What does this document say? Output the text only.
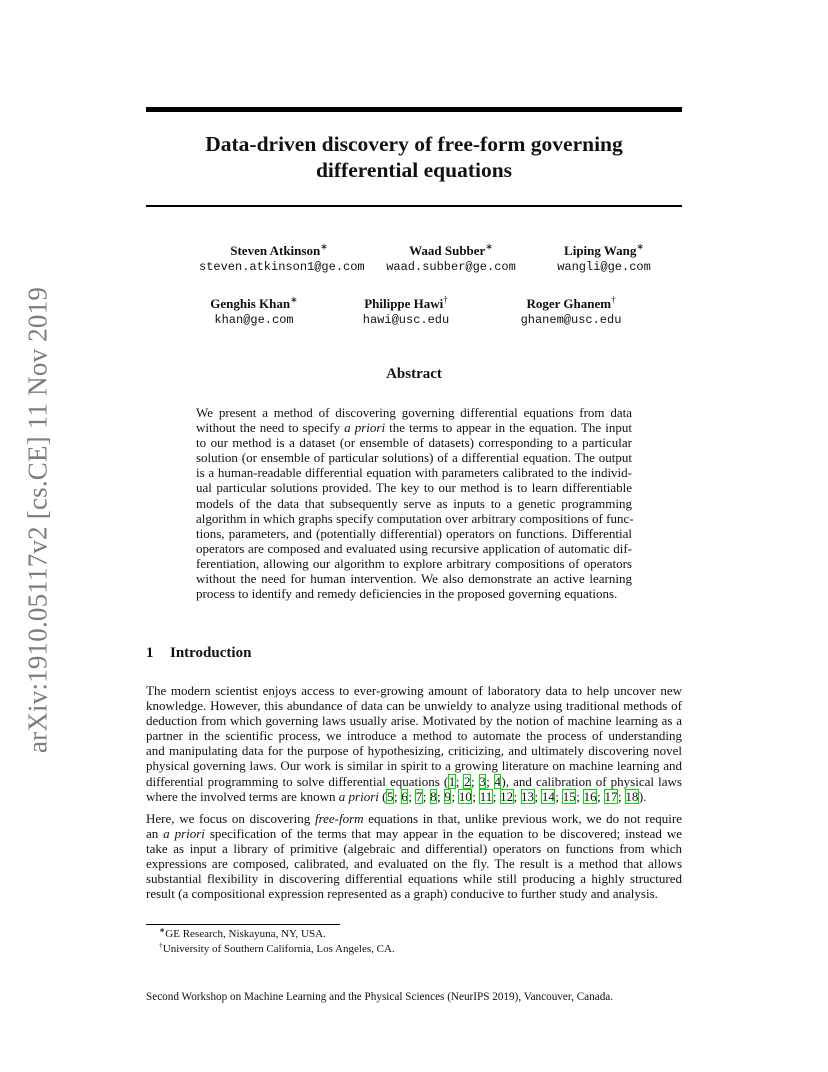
arXiv:1910.05117v2 [cs.CE] 11 Nov 2019
Data-driven discovery of free-form governing
differential equations
Steven Atkinson∗
steven.atkinson1@ge.com
Waad Subber∗
waad.subber@ge.com
Liping Wang∗
wangli@ge.com
Genghis Khan∗
khan@ge.com
Philippe Hawi†
hawi@usc.edu
Roger Ghanem†
ghanem@usc.edu
Abstract
We present a method of discovering governing differential equations from data
without the need to specify a priori the terms to appear in the equation. The input
to our method is a dataset (or ensemble of datasets) corresponding to a particular
solution (or ensemble of particular solutions) of a differential equation. The output
is a human-readable differential equation with parameters calibrated to the individ-
ual particular solutions provided. The key to our method is to learn differentiable
models of the data that subsequently serve as inputs to a genetic programming
algorithm in which graphs specify computation over arbitrary compositions of func-
tions, parameters, and (potentially differential) operators on functions. Differential
operators are composed and evaluated using recursive application of automatic dif-
ferentiation, allowing our algorithm to explore arbitrary compositions of operators
without the need for human intervention. We also demonstrate an active learning
process to identify and remedy deficiencies in the proposed governing equations.
1 Introduction
The modern scientist enjoys access to ever-growing amount of laboratory data to help uncover new
knowledge. However, this abundance of data can be unwieldy to analyze using traditional methods of
deduction from which governing laws usually arise. Motivated by the notion of machine learning as a
partner in the scientific process, we introduce a method to automate the process of understanding
and manipulating data for the purpose of hypothesizing, criticizing, and ultimately discovering novel
physical governing laws. Our work is similar in spirit to a growing literature on machine learning and
differential programming to solve differential equations (1; 2; 3; 4), and calibration of physical laws
where the involved terms are known a priori (5; 6; 7; 8; 9; 10; 11; 12; 13; 14; 15; 16; 17; 18).
Here, we focus on discovering free-form equations in that, unlike previous work, we do not require
an a priori specification of the terms that may appear in the equation to be discovered; instead we
take as input a library of primitive (algebraic and differential) operators on functions from which
expressions are composed, calibrated, and evaluated on the fly. The result is a method that allows
substantial flexibility in discovering differential equations while still producing a highly structured
result (a compositional expression represented as a graph) conducive to further study and analysis.
∗GE Research, Niskayuna, NY, USA.
†University of Southern California, Los Angeles, CA.
Second Workshop on Machine Learning and the Physical Sciences (NeurIPS 2019), Vancouver, Canada.
